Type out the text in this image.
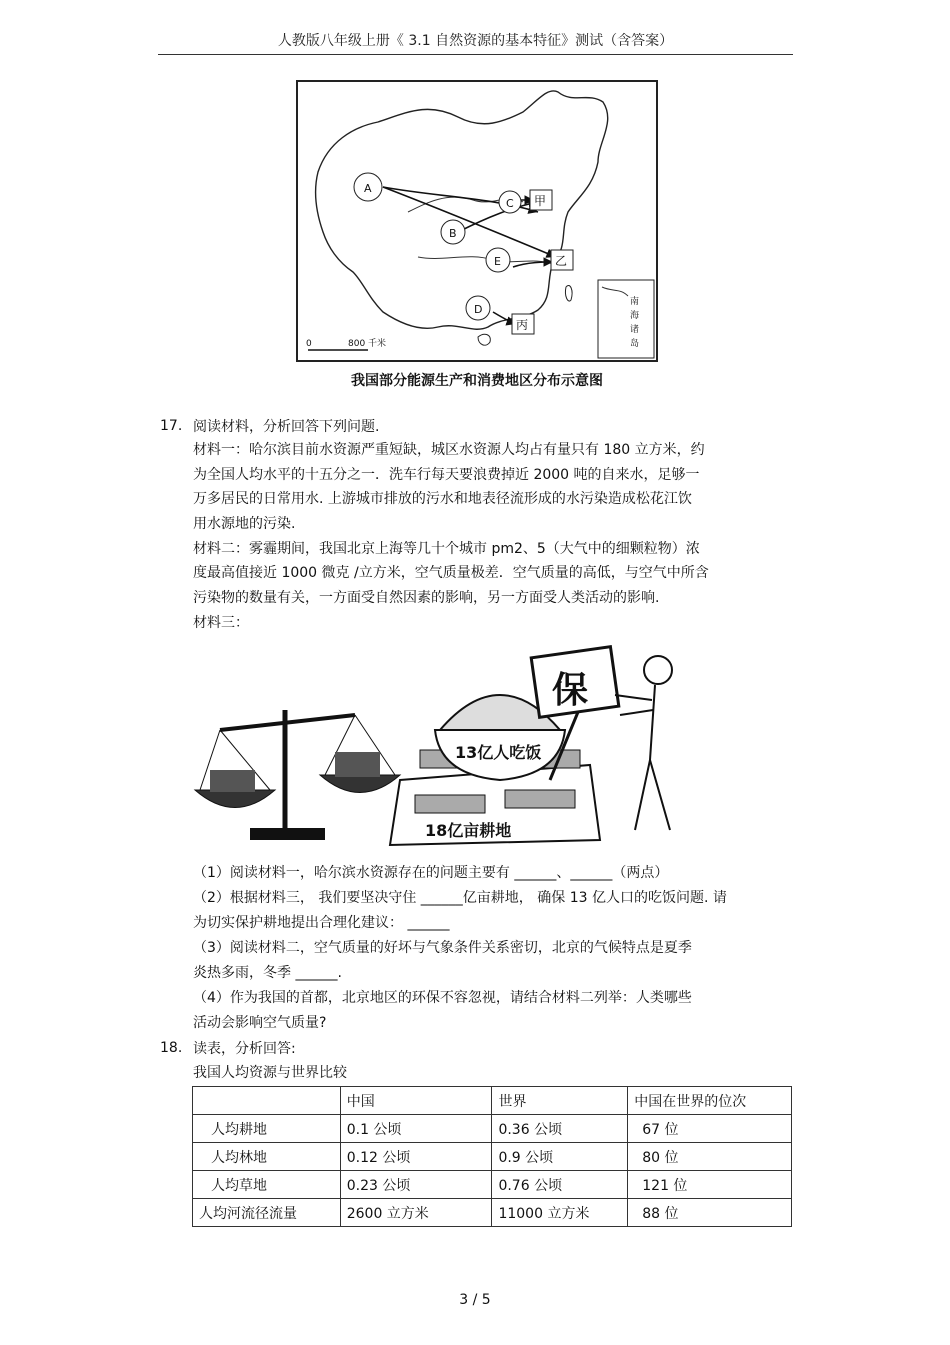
人教版八年级上册《 3.1 自然资源的基本特征》测试（含答案）
A
B
C
E
D
甲
乙
丙
南
海
诸
岛
0	800 千米
我国部分能源生产和消费地区分布示意图
17. 阅读材料，分析回答下列问题.
材料一：哈尔滨目前水资源严重短缺，城区水资源人均占有量只有 180 立方米，约
为全国人均水平的十五分之一．洗车行每天要浪费掉近 2000 吨的自来水，足够一
万多居民的日常用水. 上游城市排放的污水和地表径流形成的水污染造成松花江饮
用水源地的污染.
材料二：雾霾期间，我国北京上海等几十个城市 pm2、5（大气中的细颗粒物）浓
度最高值接近 1000 微克 /立方米，空气质量极差．空气质量的高低，与空气中所含
污染物的数量有关，一方面受自然因素的影响，另一方面受人类活动的影响.
材料三：
13亿人吃饭
18亿亩耕地
保
（1）阅读材料一，哈尔滨水资源存在的问题主要有 ______、______（两点）
（2）根据材料三， 我们要坚决守住 ______亿亩耕地， 确保 13 亿人口的吃饭问题. 请
为切实保护耕地提出合理化建议： ______
（3）阅读材料二，空气质量的好坏与气象条件关系密切，北京的气候特点是夏季
炎热多雨，冬季 ______.
（4）作为我国的首都，北京地区的环保不容忽视，请结合材料二列举：人类哪些
活动会影响空气质量?
18. 读表，分析回答:
我国人均资源与世界比较
	中国	世界	中国在世界的位次
人均耕地	0.1 公顷	0.36 公顷	67 位
人均林地	0.12 公顷	0.9 公顷	80 位
人均草地	0.23 公顷	0.76 公顷	121 位
人均河流径流量	2600 立方米	11000 立方米	88 位
3 / 5
